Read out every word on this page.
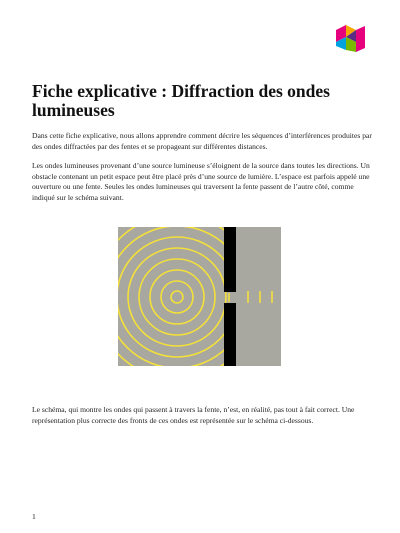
Fiche explicative : Diffraction des ondes lumineuses

Dans cette fiche explicative, nous allons apprendre comment décrire les séquences d’interférences produites par des ondes diffractées par des fentes et se propageant sur différentes distances.

Les ondes lumineuses provenant d’une source lumineuse s’éloignent de la source dans toutes les directions. Un obstacle contenant un petit espace peut être placé près d’une source de lumière. L’espace est parfois appelé une ouverture ou une fente. Seules les ondes lumineuses qui traversent la fente passent de l’autre côté, comme indiqué sur le schéma suivant.

Le schéma, qui montre les ondes qui passent à travers la fente, n’est, en réalité, pas tout à fait correct. Une représentation plus correcte des fronts de ces ondes est représentée sur le schéma ci-dessous.

1
